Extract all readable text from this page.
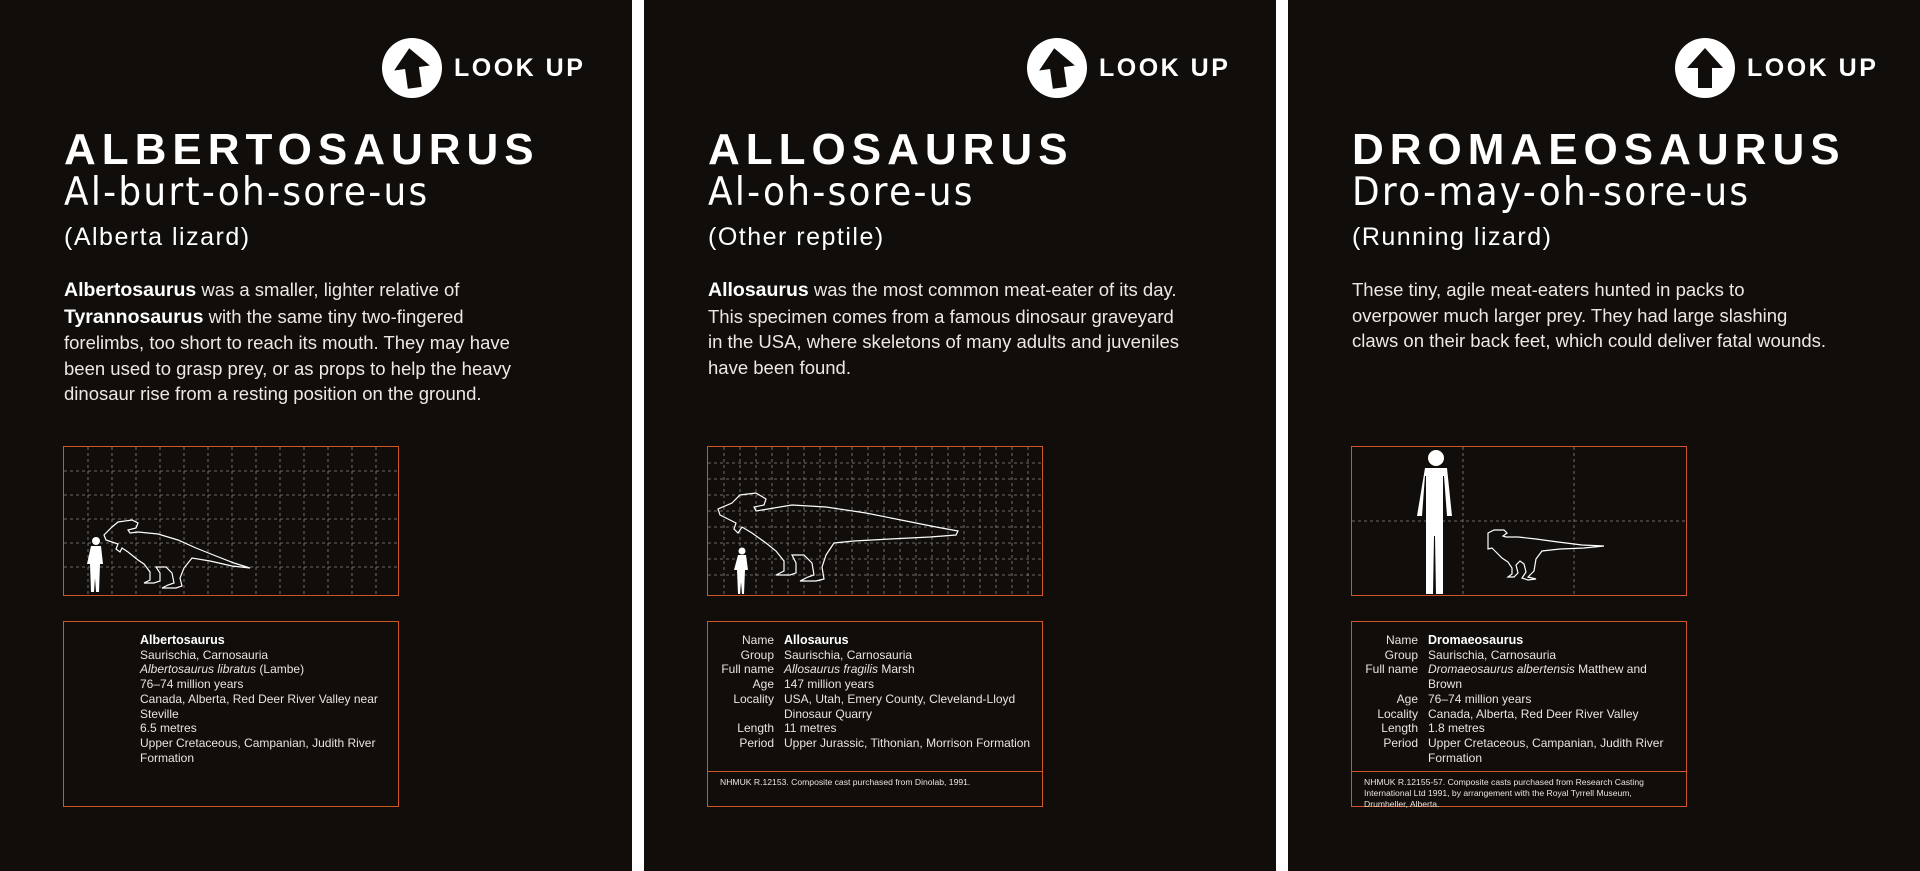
LOOK UP
ALBERTOSAURUS
Al-burt-oh-sore-us
(Alberta lizard)
Albertosaurus was a smaller, lighter relative of Tyrannosaurus with the same tiny two-fingered forelimbs, too short to reach its mouth. They may have been used to grasp prey, or as props to help the heavy dinosaur rise from a resting position on the ground.
Albertosaurus
Saurischia, Carnosauria
Albertosaurus libratus (Lambe)
76–74 million years
Canada, Alberta, Red Deer River Valley near Steville
6.5 metres
Upper Cretaceous, Campanian, Judith River Formation
LOOK UP
ALLOSAURUS
Al-oh-sore-us
(Other reptile)
Allosaurus was the most common meat-eater of its day. This specimen comes from a famous dinosaur graveyard in the USA, where skeletons of many adults and juveniles have been found.
Name Allosaurus
Group Saurischia, Carnosauria
Full name Allosaurus fragilis Marsh
Age 147 million years
Locality USA, Utah, Emery County, Cleveland-Lloyd Dinosaur Quarry
Length 11 metres
Period Upper Jurassic, Tithonian, Morrison Formation
NHMUK R.12153. Composite cast purchased from Dinolab, 1991.
LOOK UP
DROMAEOSAURUS
Dro-may-oh-sore-us
(Running lizard)
These tiny, agile meat-eaters hunted in packs to overpower much larger prey. They had large slashing claws on their back feet, which could deliver fatal wounds.
Name Dromaeosaurus
Group Saurischia, Carnosauria
Full name Dromaeosaurus albertensis Matthew and Brown
Age 76–74 million years
Locality Canada, Alberta, Red Deer River Valley
Length 1.8 metres
Period Upper Cretaceous, Campanian, Judith River Formation
NHMUK R.12155-57. Composite casts purchased from Research Casting International Ltd 1991, by arrangement with the Royal Tyrrell Museum, Drumheller, Alberta.
